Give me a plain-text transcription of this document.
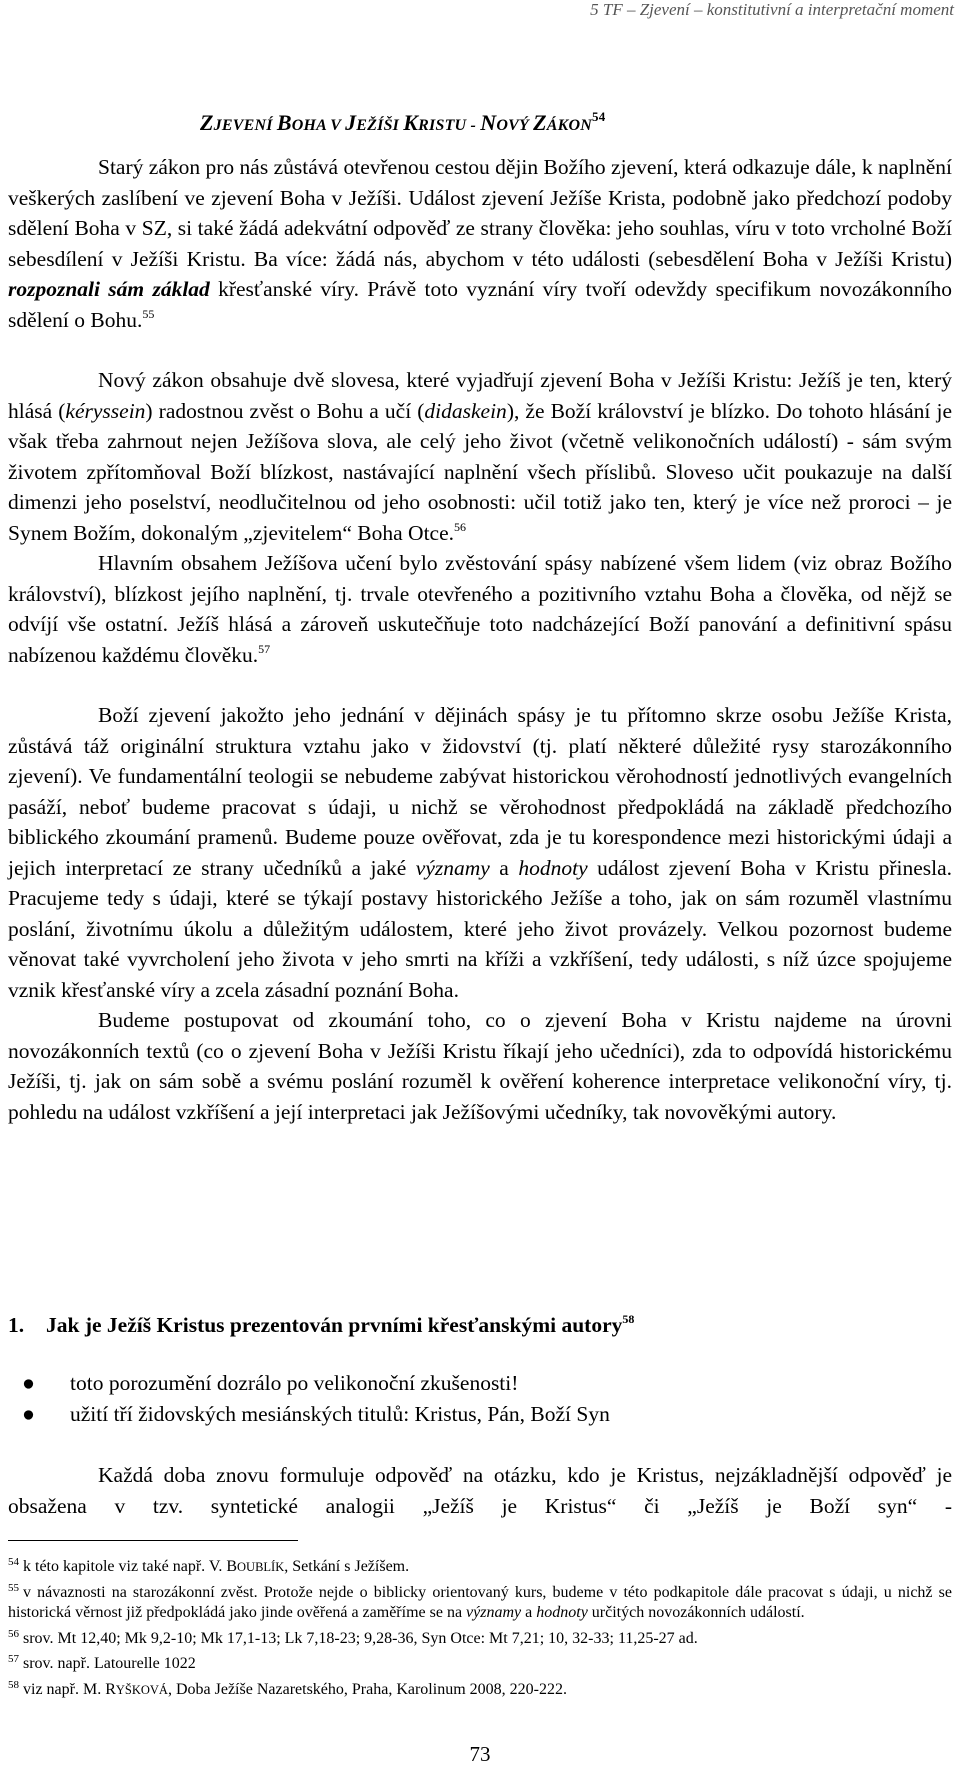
5 TF – Zjevení – konstitutivní a interpretační moment
ZJEVENÍ BOHA V JEŽÍŠI KRISTU - NOVÝ ZÁKON$^{54}$

Starý zákon pro nás zůstává otevřenou cestou dějin Božího zjevení, která odkazuje dále, k naplnění veškerých zaslíbení ve zjevení Boha v Ježíši. Událost zjevení Ježíše Krista, podobně jako předchozí podoby sdělení Boha v SZ, si také žádá adekvátní odpověď ze strany člověka: jeho souhlas, víru v toto vrcholné Boží sebesdílení v Ježíši Kristu. Ba více: žádá nás, abychom v této události (sebesdělení Boha v Ježíši Kristu) rozpoznali sám základ křesťanské víry. Právě toto vyznání víry tvoří odevždy specifikum novozákonního sdělení o Bohu.$^{55}$

Nový zákon obsahuje dvě slovesa, které vyjadřují zjevení Boha v Ježíši Kristu: Ježíš je ten, který hlásá (kéryssein) radostnou zvěst o Bohu a učí (didaskein), že Boží království je blízko. Do tohoto hlásání je však třeba zahrnout nejen Ježíšova slova, ale celý jeho život (včetně velikonočních událostí) - sám svým životem zpřítomňoval Boží blízkost, nastávající naplnění všech příslibů. Sloveso učit poukazuje na další dimenzi jeho poselství, neodlučitelnou od jeho osobnosti: učil totiž jako ten, který je více než proroci – je Synem Božím, dokonalým „zjevitelem“ Boha Otce.$^{56}$

Hlavním obsahem Ježíšova učení bylo zvěstování spásy nabízené všem lidem (viz obraz Božího království), blízkost jejího naplnění, tj. trvale otevřeného a pozitivního vztahu Boha a člověka, od nějž se odvíjí vše ostatní. Ježíš hlásá a zároveň uskutečňuje toto nadcházející Boží panování a definitivní spásu nabízenou každému člověku.$^{57}$

Boží zjevení jakožto jeho jednání v dějinách spásy je tu přítomno skrze osobu Ježíše Krista, zůstává táž originální struktura vztahu jako v židovství (tj. platí některé důležité rysy starozákonního zjevení). Ve fundamentální teologii se nebudeme zabývat historickou věrohodností jednotlivých evangelních pasáží, neboť budeme pracovat s údaji, u nichž se věrohodnost předpokládá na základě předchozího biblického zkoumání pramenů. Budeme pouze ověřovat, zda je tu korespondence mezi historickými údaji a jejich interpretací ze strany učedníků a jaké významy a hodnoty událost zjevení Boha v Kristu přinesla. Pracujeme tedy s údaji, které se týkají postavy historického Ježíše a toho, jak on sám rozuměl vlastnímu poslání, životnímu úkolu a důležitým událostem, které jeho život provázely. Velkou pozornost budeme věnovat také vyvrcholení jeho života v jeho smrti na kříži a vzkříšení, tedy události, s níž úzce spojujeme vznik křesťanské víry a zcela zásadní poznání Boha.

Budeme postupovat od zkoumání toho, co o zjevení Boha v Kristu najdeme na úrovni novozákonních textů (co o zjevení Boha v Ježíši Kristu říkají jeho učedníci), zda to odpovídá historickému Ježíši, tj. jak on sám sobě a svému poslání rozuměl k ověření koherence interpretace velikonoční víry, tj. pohledu na událost vzkříšení a její interpretaci jak Ježíšovými učedníky, tak novověkými autory.

1. Jak je Ježíš Kristus prezentován prvními křesťanskými autory$^{58}$
● toto porozumění dozrálo po velikonoční zkušenosti!
● užití tří židovských mesiánských titulů: Kristus, Pán, Boží Syn

Každá doba znovu formuluje odpověď na otázku, kdo je Kristus, nejzákladnější odpověď je obsažena v tzv. syntetické analogii „Ježíš je Kristus“ či „Ježíš je Boží syn“ -

$^{54}$ k této kapitole viz také např. V. BOUBLÍK, Setkání s Ježíšem.

$^{55}$ v návaznosti na starozákonní zvěst. Protože nejde o biblicky orientovaný kurs, budeme v této podkapitole dále pracovat s údaji, u nichž se historická věrnost již předpokládá jako jinde ověřená a zaměříme se na významy a hodnoty určitých novozákonních událostí.

$^{56}$ srov. Mt 12,40; Mk 9,2-10; Mk 17,1-13; Lk 7,18-23; 9,28-36, Syn Otce: Mt 7,21; 10, 32-33; 11,25-27 ad.

$^{57}$ srov. např. Latourelle 1022

$^{58}$ viz např. M. RYŠKOVÁ, Doba Ježíše Nazaretského, Praha, Karolinum 2008, 220-222.

73
